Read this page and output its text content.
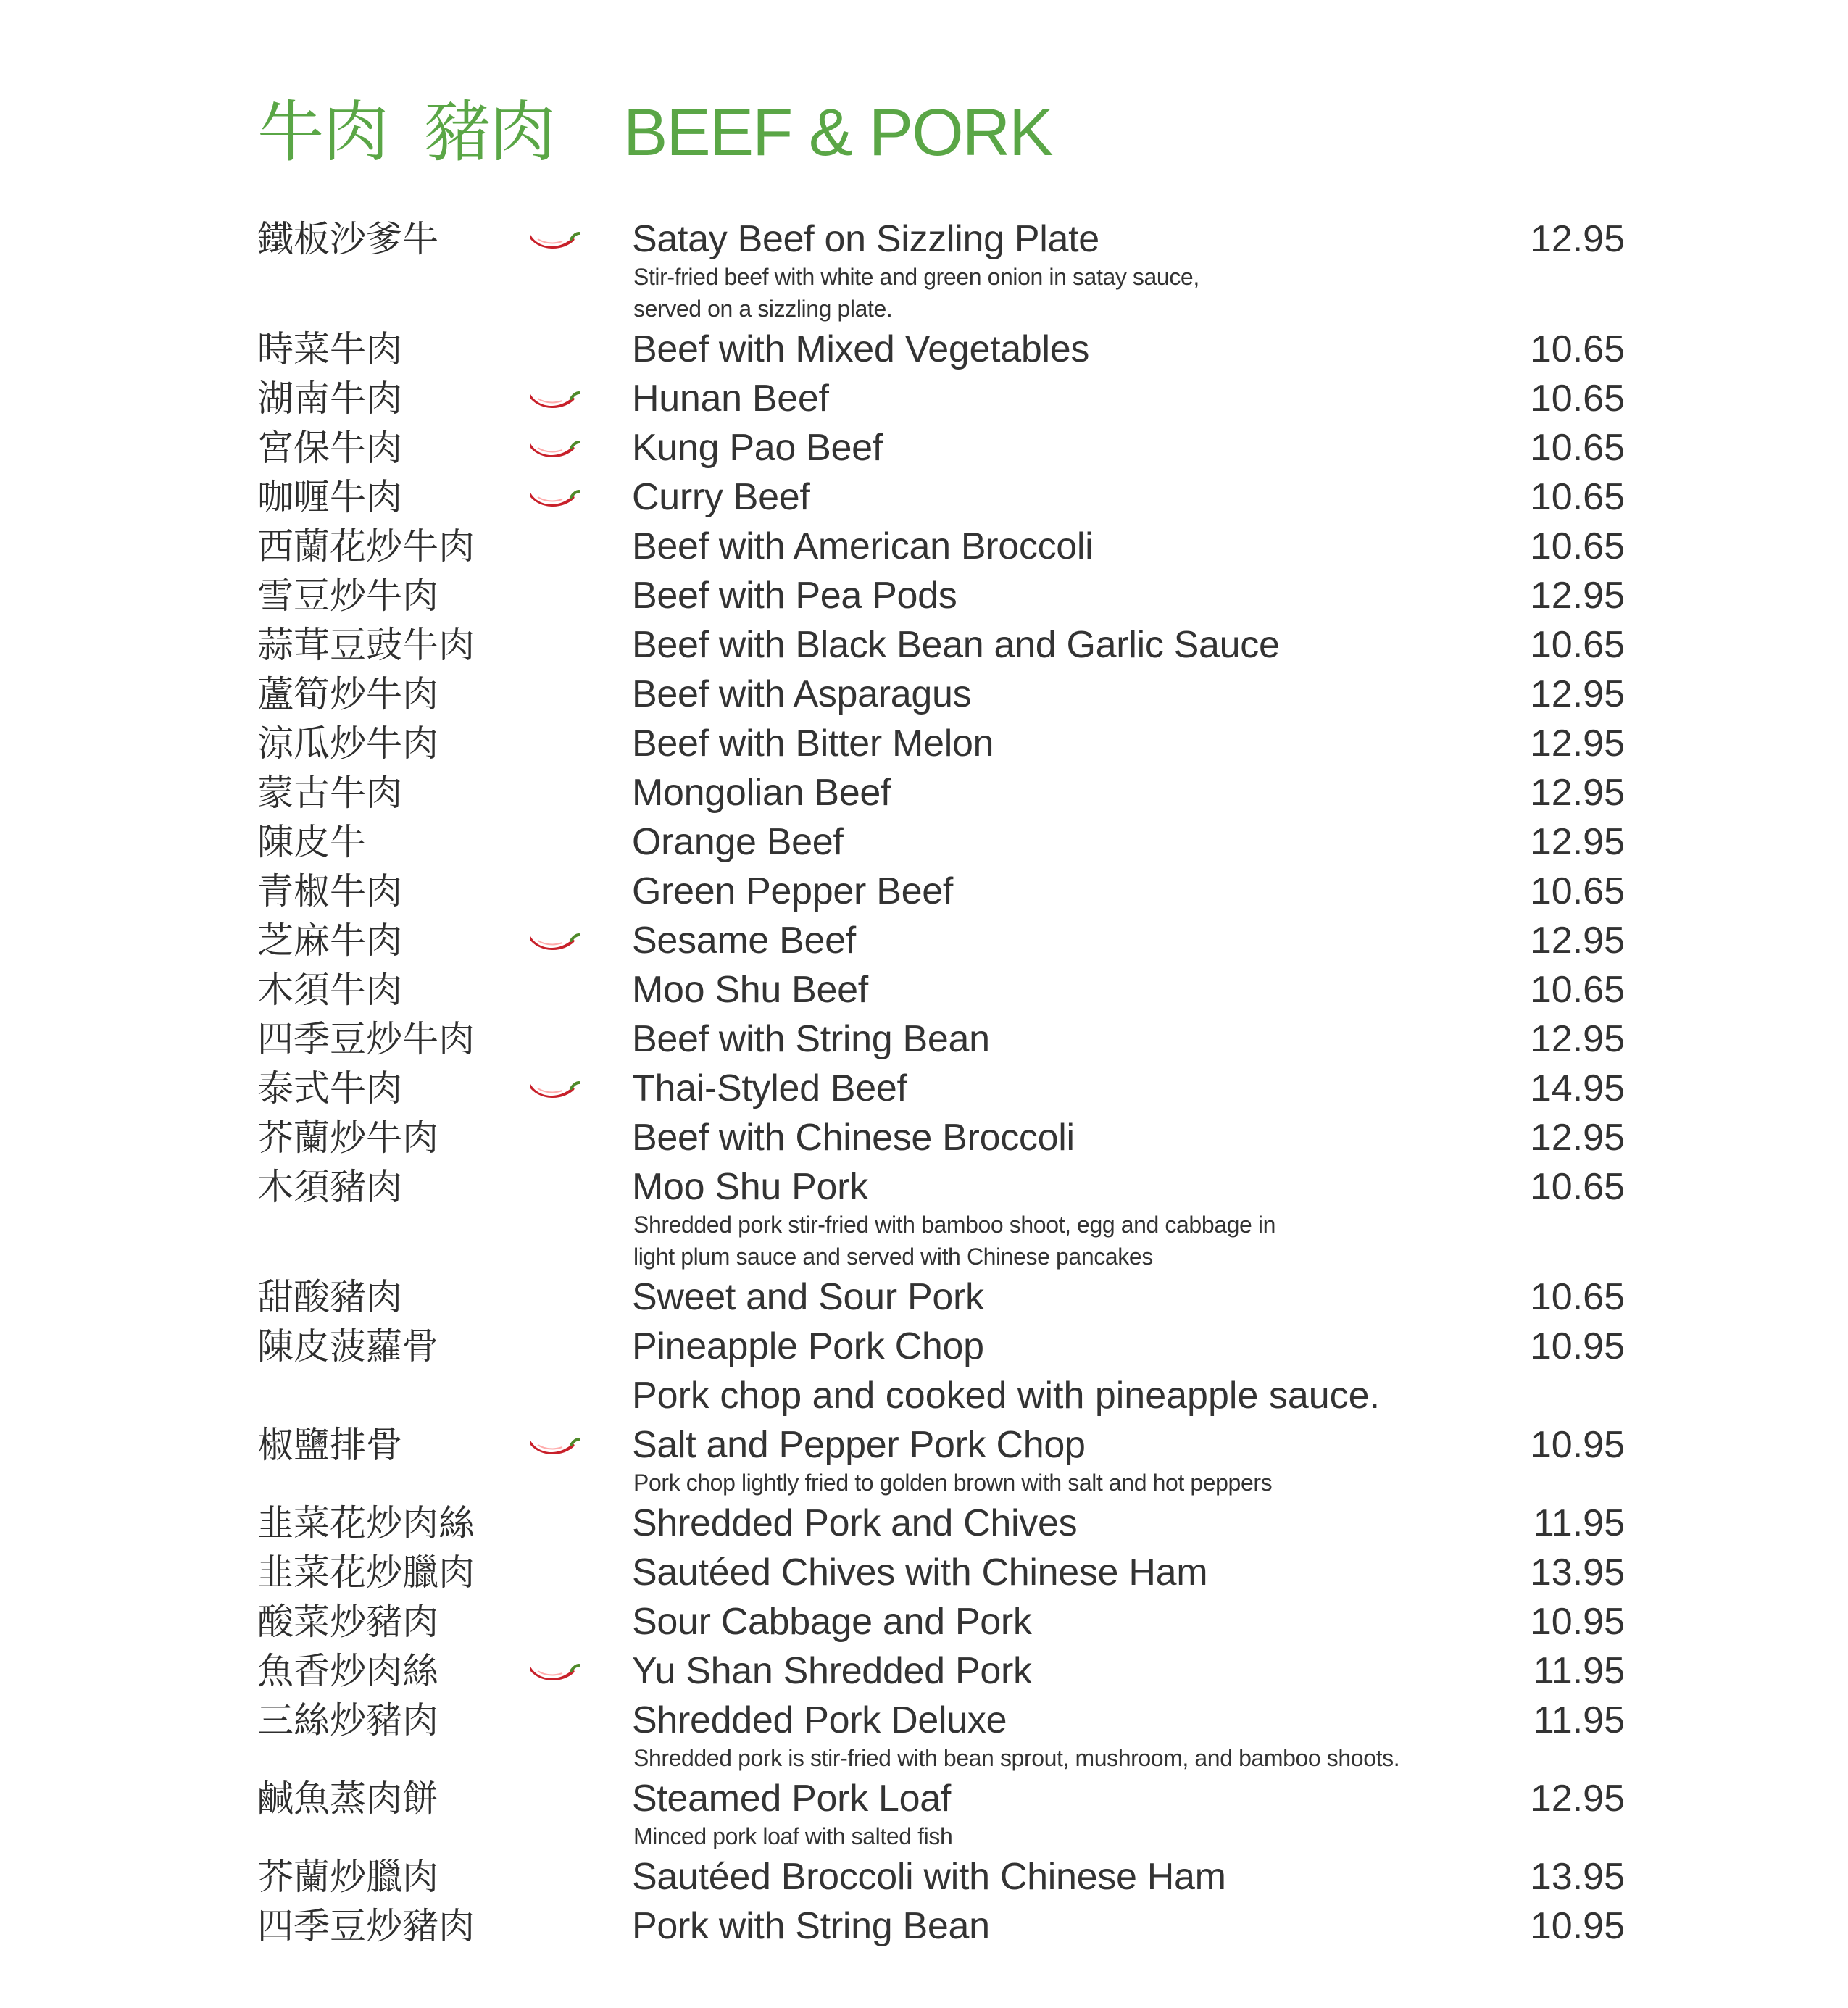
牛肉 豬肉 BEEF & PORK
鐵板沙爹牛	Satay Beef on Sizzling Plate	12.95
Stir-fried beef with white and green onion in satay sauce,
served on a sizzling plate.
時菜牛肉	Beef with Mixed Vegetables	10.65
湖南牛肉	Hunan Beef	10.65
宮保牛肉	Kung Pao Beef	10.65
咖喱牛肉	Curry Beef	10.65
西蘭花炒牛肉	Beef with American Broccoli	10.65
雪豆炒牛肉	Beef with Pea Pods	12.95
蒜茸豆豉牛肉	Beef with Black Bean and Garlic Sauce	10.65
蘆筍炒牛肉	Beef with Asparagus	12.95
涼瓜炒牛肉	Beef with Bitter Melon	12.95
蒙古牛肉	Mongolian Beef	12.95
陳皮牛	Orange Beef	12.95
青椒牛肉	Green Pepper Beef	10.65
芝麻牛肉	Sesame Beef	12.95
木須牛肉	Moo Shu Beef	10.65
四季豆炒牛肉	Beef with String Bean	12.95
泰式牛肉	Thai-Styled Beef	14.95
芥蘭炒牛肉	Beef with Chinese Broccoli	12.95
木須豬肉	Moo Shu Pork	10.65
Shredded pork stir-fried with bamboo shoot, egg and cabbage in
light plum sauce and served with Chinese pancakes
甜酸豬肉	Sweet and Sour Pork	10.65
陳皮菠蘿骨	Pineapple Pork Chop	10.95
Pork chop and cooked with pineapple sauce.
椒鹽排骨	Salt and Pepper Pork Chop	10.95
Pork chop lightly fried to golden brown with salt and hot peppers
韭菜花炒肉絲	Shredded Pork and Chives	11.95
韭菜花炒臘肉	Sautéed Chives with Chinese Ham	13.95
酸菜炒豬肉	Sour Cabbage and Pork	10.95
魚香炒肉絲	Yu Shan Shredded Pork	11.95
三絲炒豬肉	Shredded Pork Deluxe	11.95
Shredded pork is stir-fried with bean sprout, mushroom, and bamboo shoots.
鹹魚蒸肉餅	Steamed Pork Loaf	12.95
Minced pork loaf with salted fish
芥蘭炒臘肉	Sautéed Broccoli with Chinese Ham	13.95
四季豆炒豬肉	Pork with String Bean	10.95
